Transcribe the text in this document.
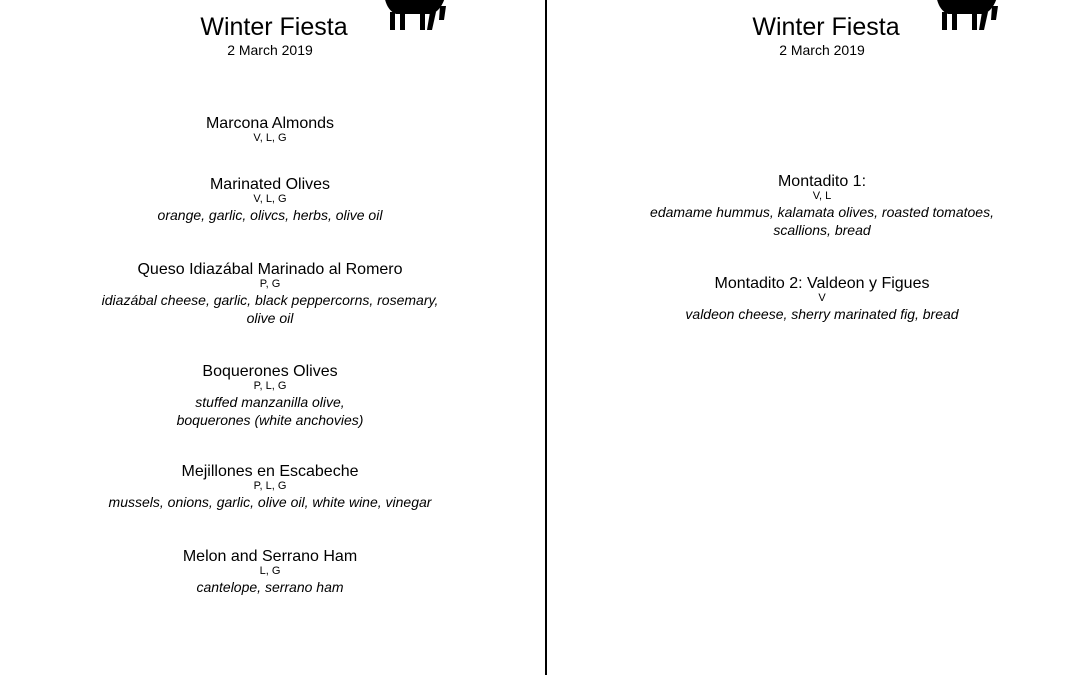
Winter Fiesta
2 March 2019
Marcona Almonds
V, L, G
Marinated Olives
V, L, G
orange, garlic, olivcs, herbs, olive oil
Queso Idiazábal Marinado al Romero
P, G
idiazábal cheese, garlic, black peppercorns, rosemary,
olive oil
Boquerones Olives
P, L, G
stuffed manzanilla olive,
boquerones (white anchovies)
Mejillones en Escabeche
P, L, G
mussels, onions, garlic, olive oil, white wine, vinegar
Melon and Serrano Ham
L, G
cantelope, serrano ham
Winter Fiesta
2 March 2019
Montadito 1:
V, L
edamame hummus, kalamata olives, roasted tomatoes,
scallions, bread
Montadito 2: Valdeon y Figues
V
valdeon cheese, sherry marinated fig, bread
